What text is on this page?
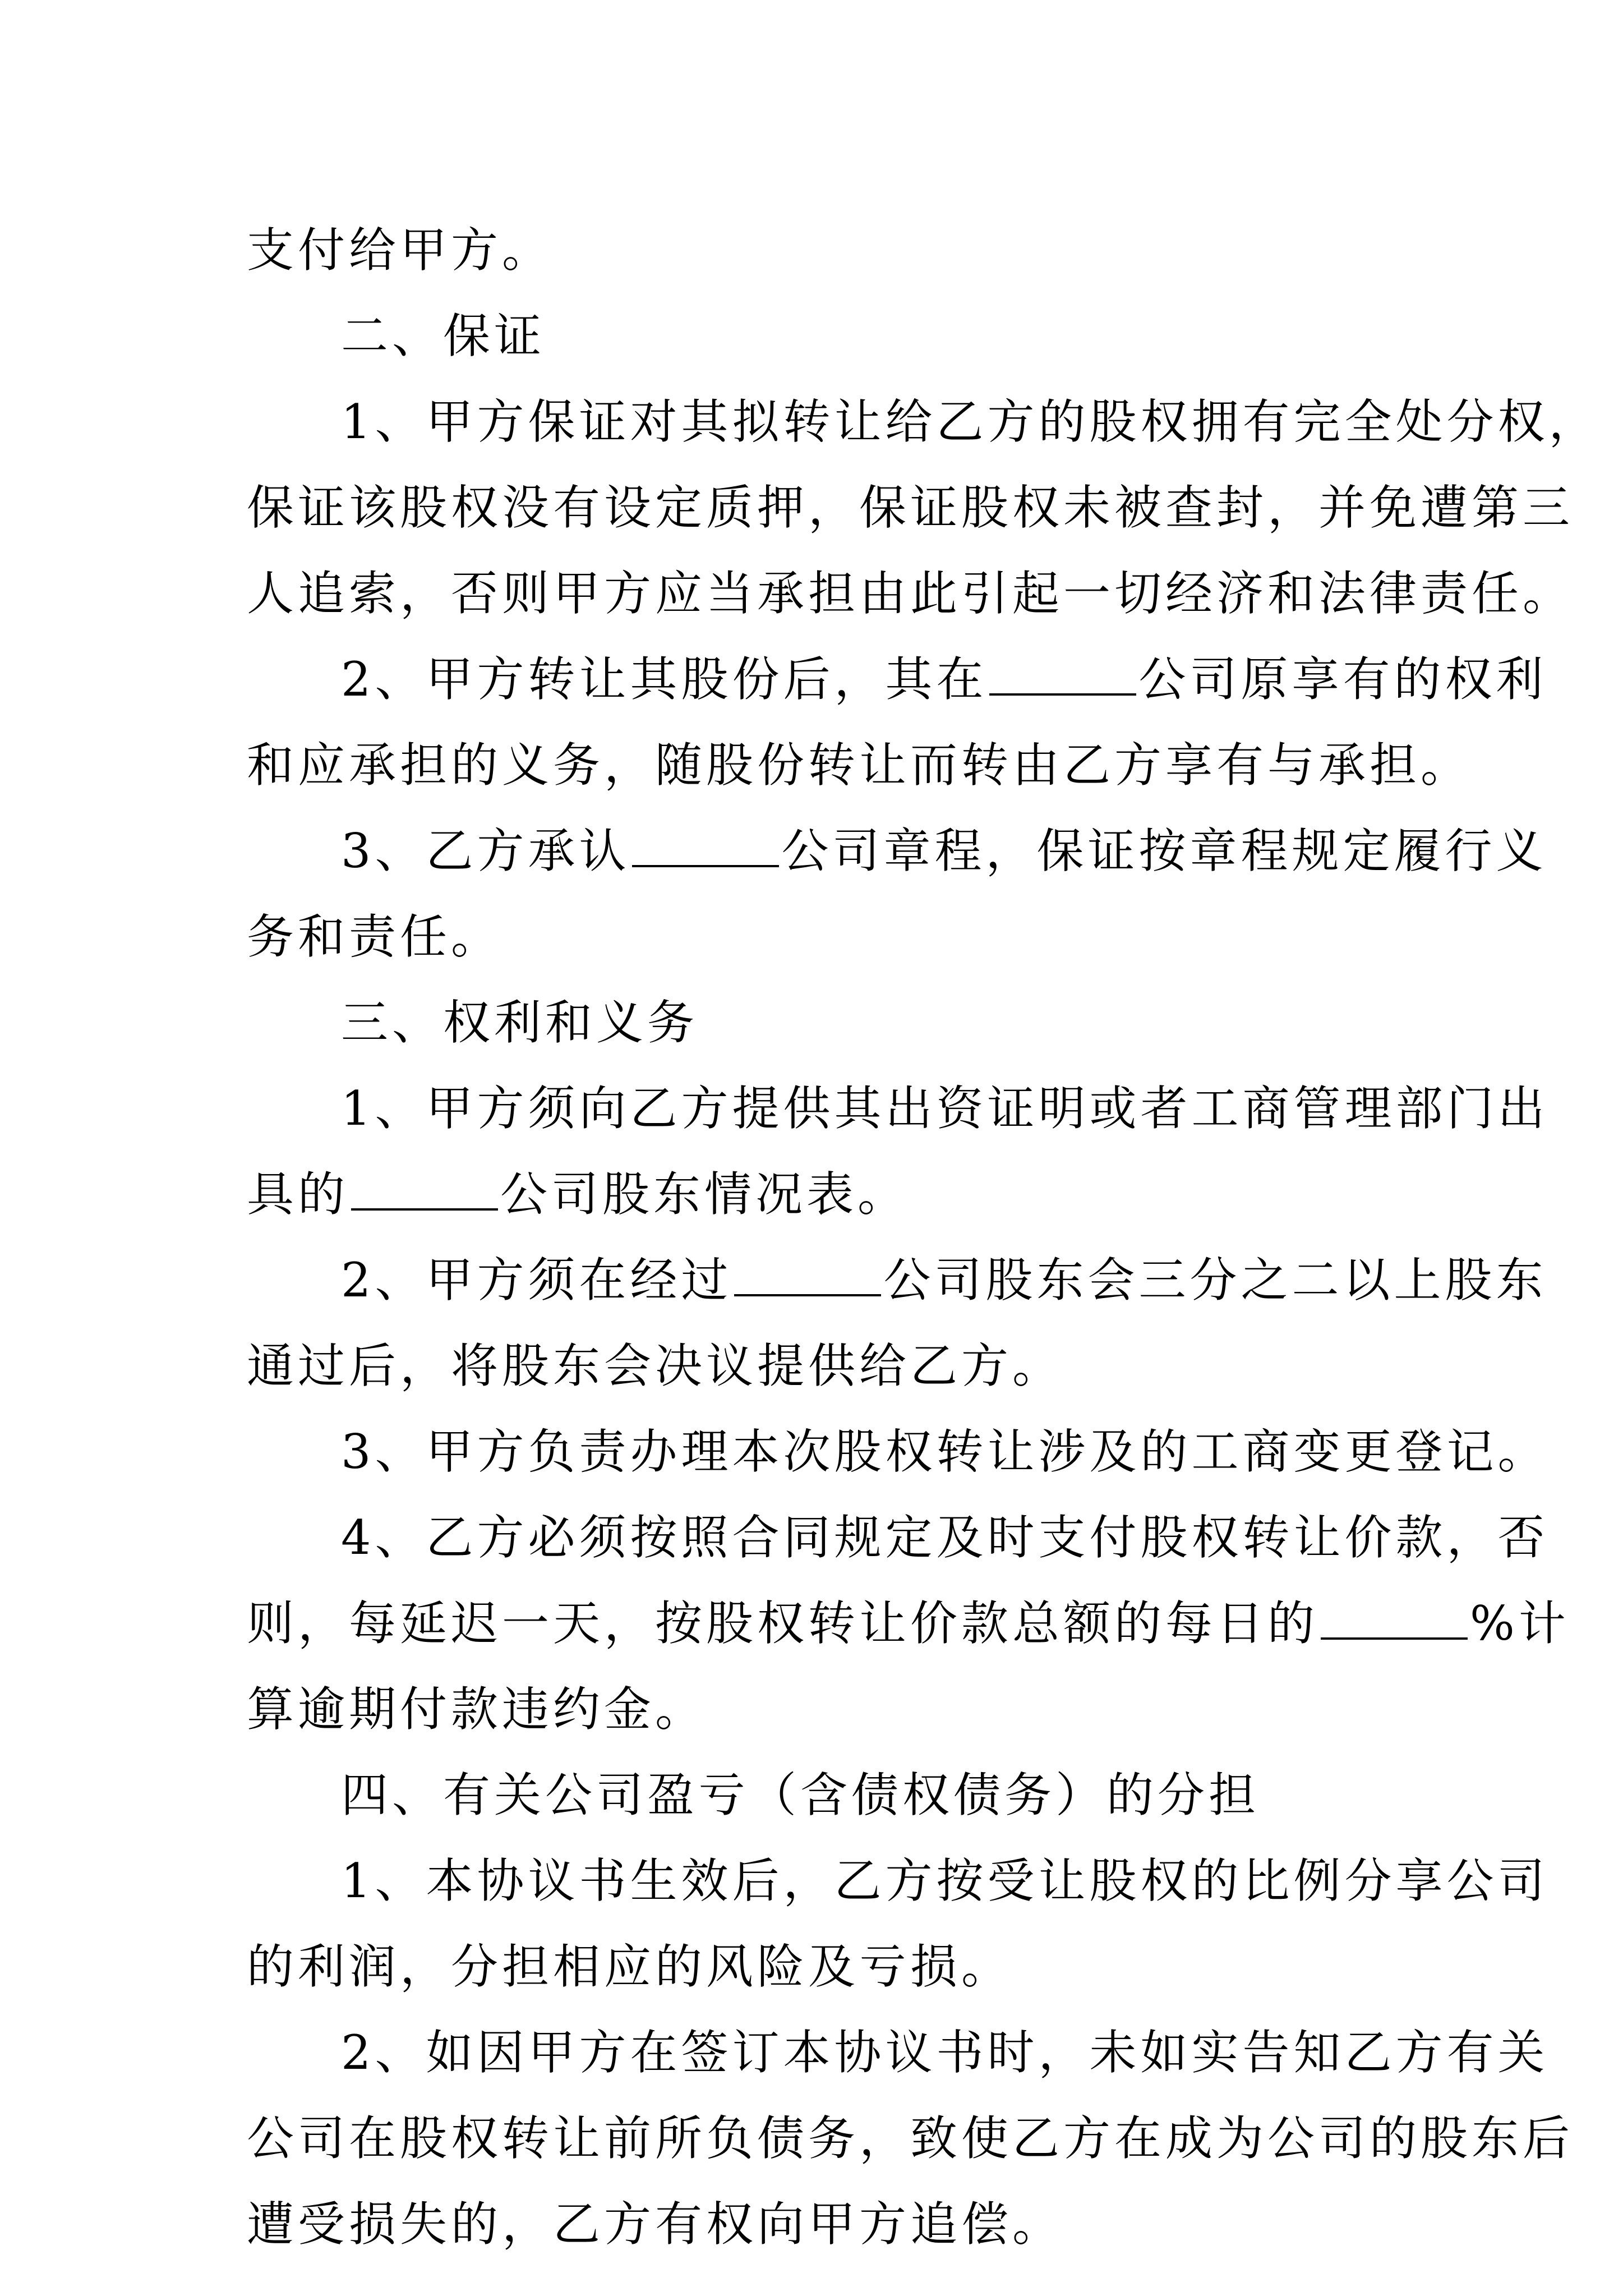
支付给甲方。
二、保证
1、甲方保证对其拟转让给乙方的股权拥有完全处分权，
保证该股权没有设定质押，保证股权未被查封，并免遭第三
人追索，否则甲方应当承担由此引起一切经济和法律责任。
2、甲方转让其股份后，其在	公司原享有的权利
和应承担的义务，随股份转让而转由乙方享有与承担。
3、乙方承认	公司章程，保证按章程规定履行义
务和责任。
三、权利和义务
1、甲方须向乙方提供其出资证明或者工商管理部门出
具的	公司股东情况表。
2、甲方须在经过	公司股东会三分之二以上股东
通过后，将股东会决议提供给乙方。
3、甲方负责办理本次股权转让涉及的工商变更登记。
4、乙方必须按照合同规定及时支付股权转让价款，否
则，每延迟一天，按股权转让价款总额的每日的	%计
算逾期付款违约金。
四、有关公司盈亏（含债权债务）的分担
1、本协议书生效后，乙方按受让股权的比例分享公司
的利润，分担相应的风险及亏损。
2、如因甲方在签订本协议书时，未如实告知乙方有关
公司在股权转让前所负债务，致使乙方在成为公司的股东后
遭受损失的，乙方有权向甲方追偿。
